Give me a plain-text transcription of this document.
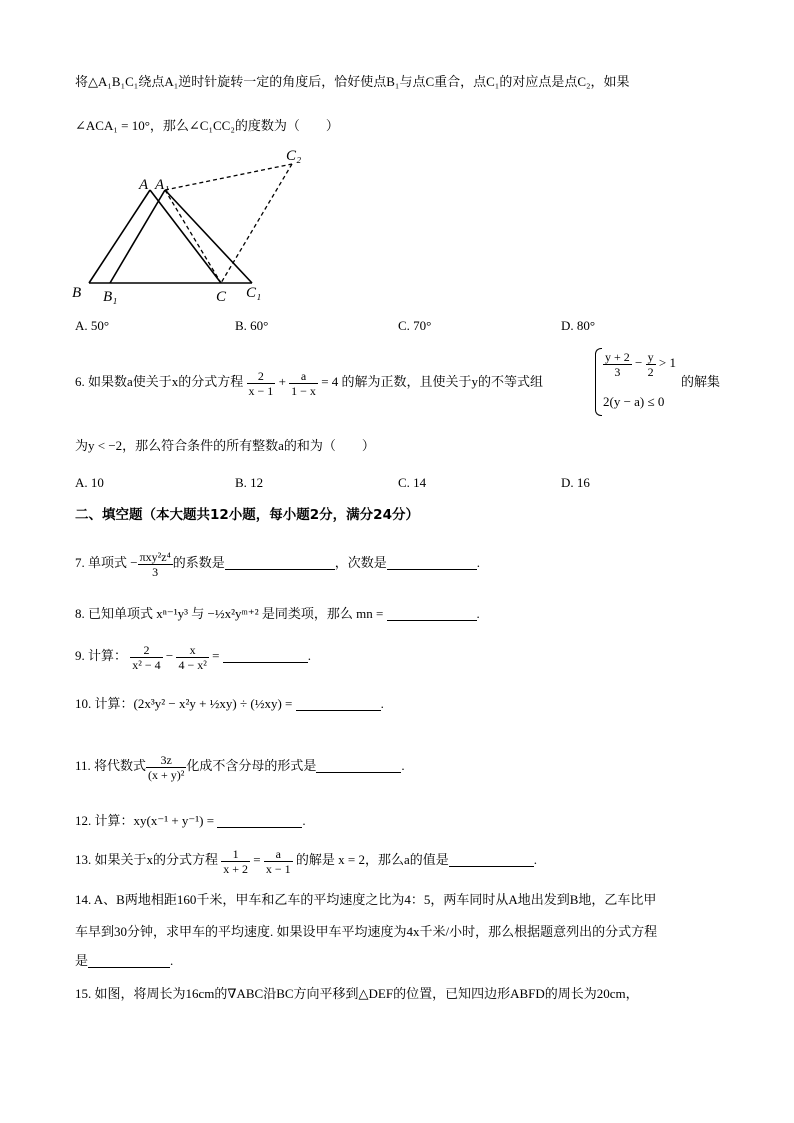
将△A₁B₁C₁绕点A₁逆时针旋转一定的角度后，恰好使点B₁与点C重合，点C₁的对应点是点C₂，如果
∠ACA₁ = 10°，那么∠C₁CC₂的度数为（　　）
A A₁
C₂
B B₁	C C₁
A. 50°	B. 60°	C. 70°	D. 80°
6. 如果数a使关于x的分式方程 $\frac{2}{x - 1} + \frac{a}{1 - x} = 4$ 的解为正数，且使关于y的不等式组
$\frac{y + 2}{3} - \frac{y}{2} > 1$
2(y − a) ≤ 0
的解集
为y < −2，那么符合条件的所有整数a的和为（　　）
A. 10	B. 12	C. 14	D. 16
二、填空题（本大题共12小题，每小题2分，满分24分）
7. 单项式 − $\frac{\text{πxy²z⁴}}{3}$ 的系数是	，次数是	.
8. 已知单项式 xⁿ⁻¹y³ 与 −½x²yᵐ⁺² 是同类项，那么 mn =	.
9. 计算： $\frac{2}{\text{x² − 4}} - \frac{x}{\text{4 − x²}}$ =	.
10. 计算：(2x³y² − x²y + ½xy) ÷ (½xy) =	.
11. 将代数式 $\frac{3z}{\text{(x + y)²}}$ 化成不含分母的形式是	.
12. 计算：xy(x⁻¹ + y⁻¹) =	.
13. 如果关于x的分式方程 $\frac{1}{x + 2} = \frac{a}{x - 1}$ 的解是 x = 2，那么a的值是	.
14. A、B两地相距160千米，甲车和乙车的平均速度之比为4：5，两车同时从A地出发到B地，乙车比甲
车早到30分钟，求甲车的平均速度. 如果设甲车平均速度为4x千米/小时，那么根据题意列出的分式方程
是	.
15. 如图，将周长为16cm的∇ABC沿BC方向平移到△DEF的位置，已知四边形ABFD的周长为20cm，
